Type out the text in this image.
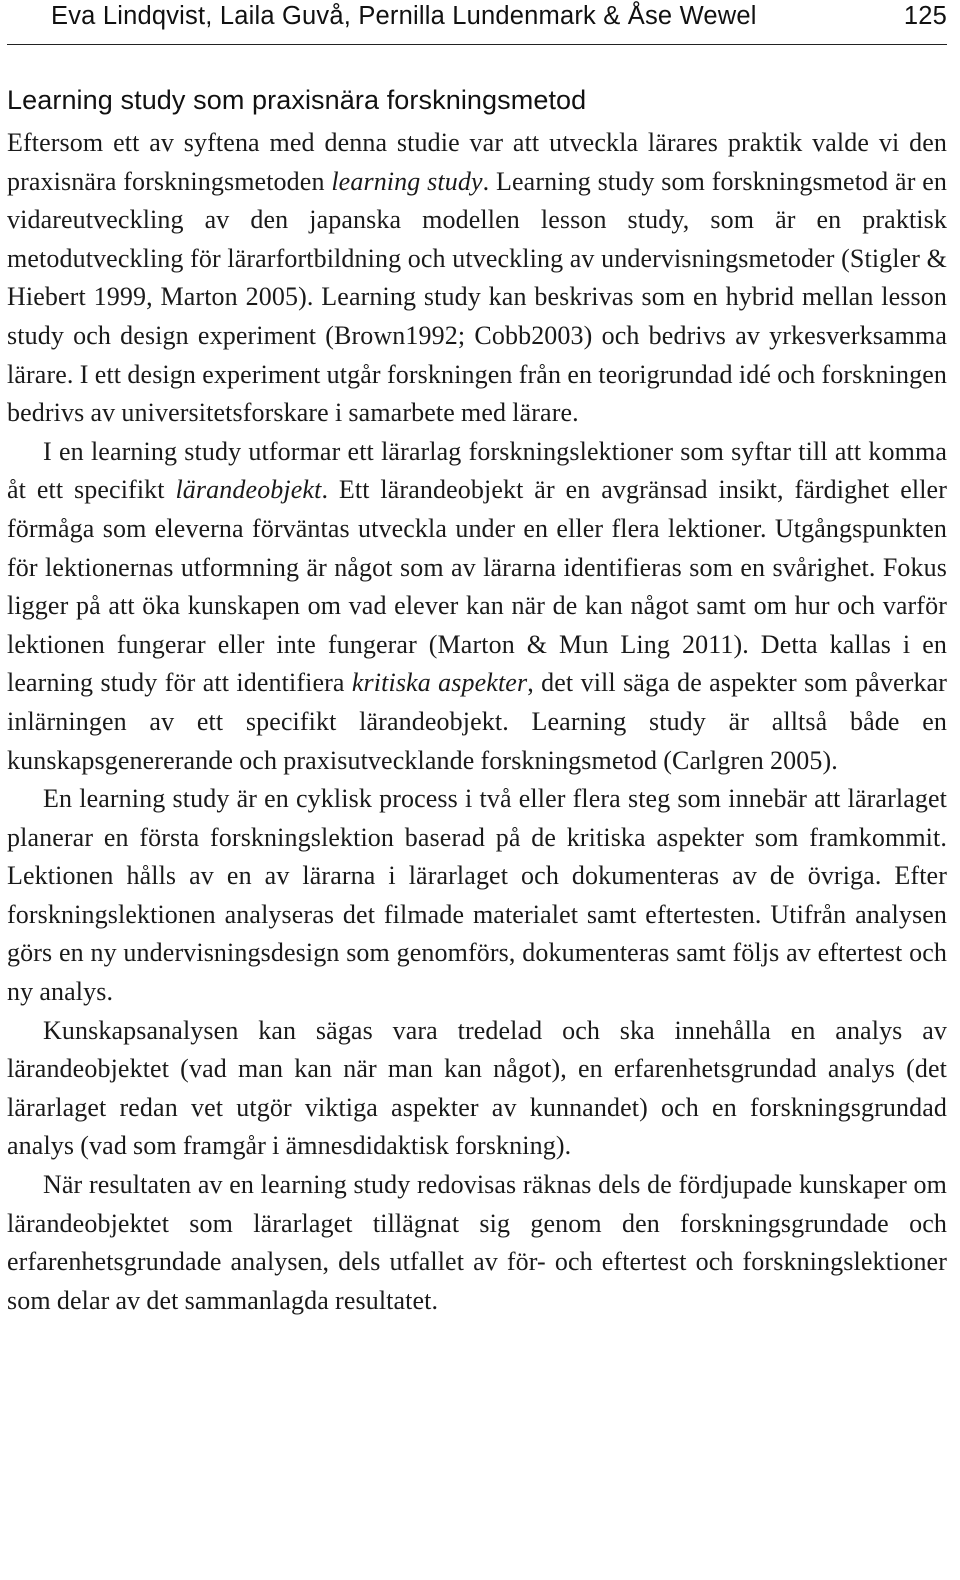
Eva Lindqvist, Laila Guvå, Pernilla Lundenmark & Åse Wewel	125
Learning study som praxisnära forskningsmetod

Eftersom ett av syftena med denna studie var att utveckla lärares praktik valde vi den praxisnära forskningsmetoden learning study. Learning study som forskningsmetod är en vidareutveckling av den japanska modellen lesson study, som är en praktisk metodutveckling för lärarfortbildning och utveckling av undervisningsmetoder (Stigler & Hiebert 1999, Marton 2005). Learning study kan beskrivas som en hybrid mellan lesson study och design experiment (Brown1992; Cobb2003) och bedrivs av yrkesverksamma lärare. I ett design experiment utgår forskningen från en teorigrundad idé och forskningen bedrivs av universitetsforskare i samarbete med lärare.

I en learning study utformar ett lärarlag forskningslektioner som syftar till att komma åt ett specifikt lärandeobjekt. Ett lärandeobjekt är en avgränsad insikt, färdighet eller förmåga som eleverna förväntas utveckla under en eller flera lektioner. Utgångspunkten för lektionernas utformning är något som av lärarna identifieras som en svårighet. Fokus ligger på att öka kunskapen om vad elever kan när de kan något samt om hur och varför lektionen fungerar eller inte fungerar (Marton & Mun Ling 2011). Detta kallas i en learning study för att identifiera kritiska aspekter, det vill säga de aspekter som påverkar inlärningen av ett specifikt lärandeobjekt. Learning study är alltså både en kunskapsgenererande och praxisutvecklande forskningsmetod (Carlgren 2005).

En learning study är en cyklisk process i två eller flera steg som innebär att lärarlaget planerar en första forskningslektion baserad på de kritiska aspekter som framkommit. Lektionen hålls av en av lärarna i lärarlaget och dokumenteras av de övriga. Efter forskningslektionen analyseras det filmade materialet samt eftertesten. Utifrån analysen görs en ny undervisningsdesign som genomförs, dokumenteras samt följs av eftertest och ny analys.

Kunskapsanalysen kan sägas vara tredelad och ska innehålla en analys av lärandeobjektet (vad man kan när man kan något), en erfarenhetsgrundad analys (det lärarlaget redan vet utgör viktiga aspekter av kunnandet) och en forskningsgrundad analys (vad som framgår i ämnesdidaktisk forskning).

När resultaten av en learning study redovisas räknas dels de fördjupade kunskaper om lärandeobjektet som lärarlaget tillägnat sig genom den forskningsgrundade och erfarenhetsgrundade analysen, dels utfallet av för- och eftertest och forskningslektioner som delar av det sammanlagda resultatet.
